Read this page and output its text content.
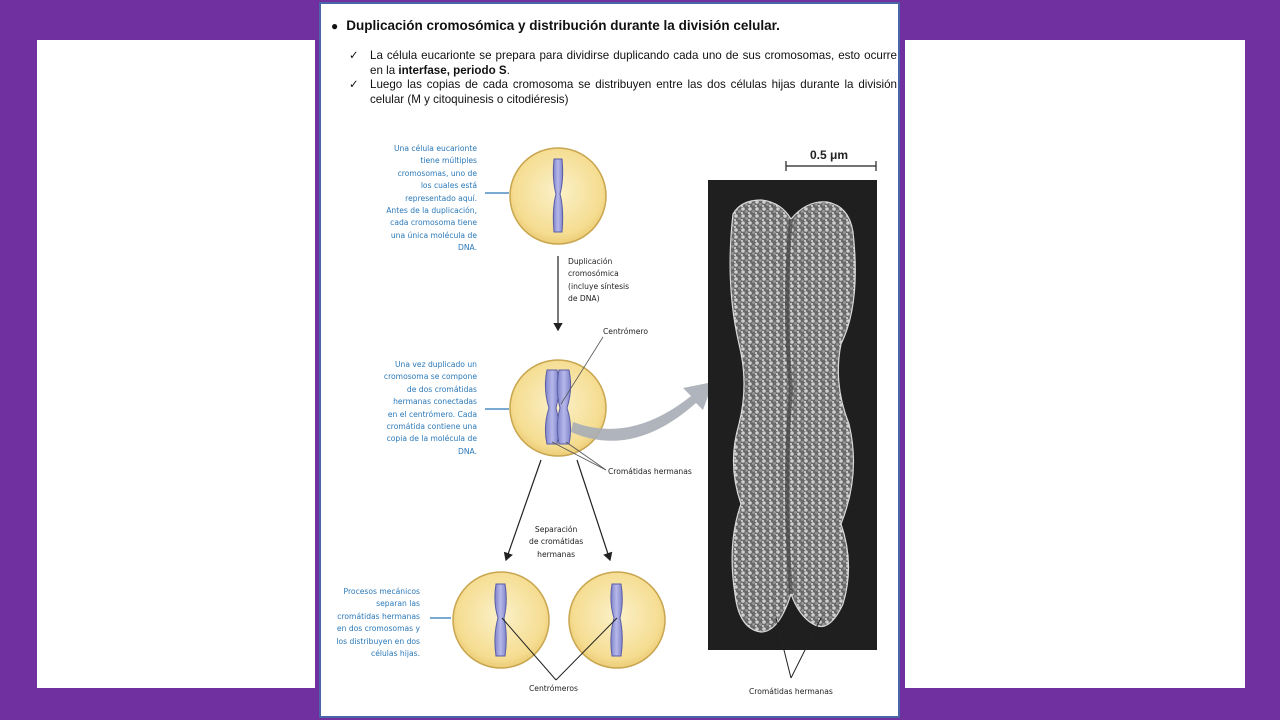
● Duplicación cromosómica y distribución durante la división celular.
✓ La célula eucarionte se prepara para dividirse duplicando cada uno de sus cromosomas, esto ocurre en la interfase, periodo S.
✓ Luego las copias de cada cromosoma se distribuyen entre las dos células hijas durante la división celular (M y citoquinesis o citodiéresis)
Una célula eucarionte
tiene múltiples
cromosomas, uno de
los cuales está
representado aquí.
Antes de la duplicación,
cada cromosoma tiene
una única molécula de
DNA.
Una vez duplicado un
cromosoma se compone
de dos cromátidas
hermanas conectadas
en el centrómero. Cada
cromátida contiene una
copia de la molécula de
DNA.
Procesos mecánicos
separan las
cromátidas hermanas
en dos cromosomas y
los distribuyen en dos
células hijas.
Duplicación
cromosómica
(incluye síntesis
de DNA)
Centrómero
Cromátidas hermanas
Separación
de cromátidas
hermanas
Centrómeros	Cromátidas hermanas
0.5 μm
